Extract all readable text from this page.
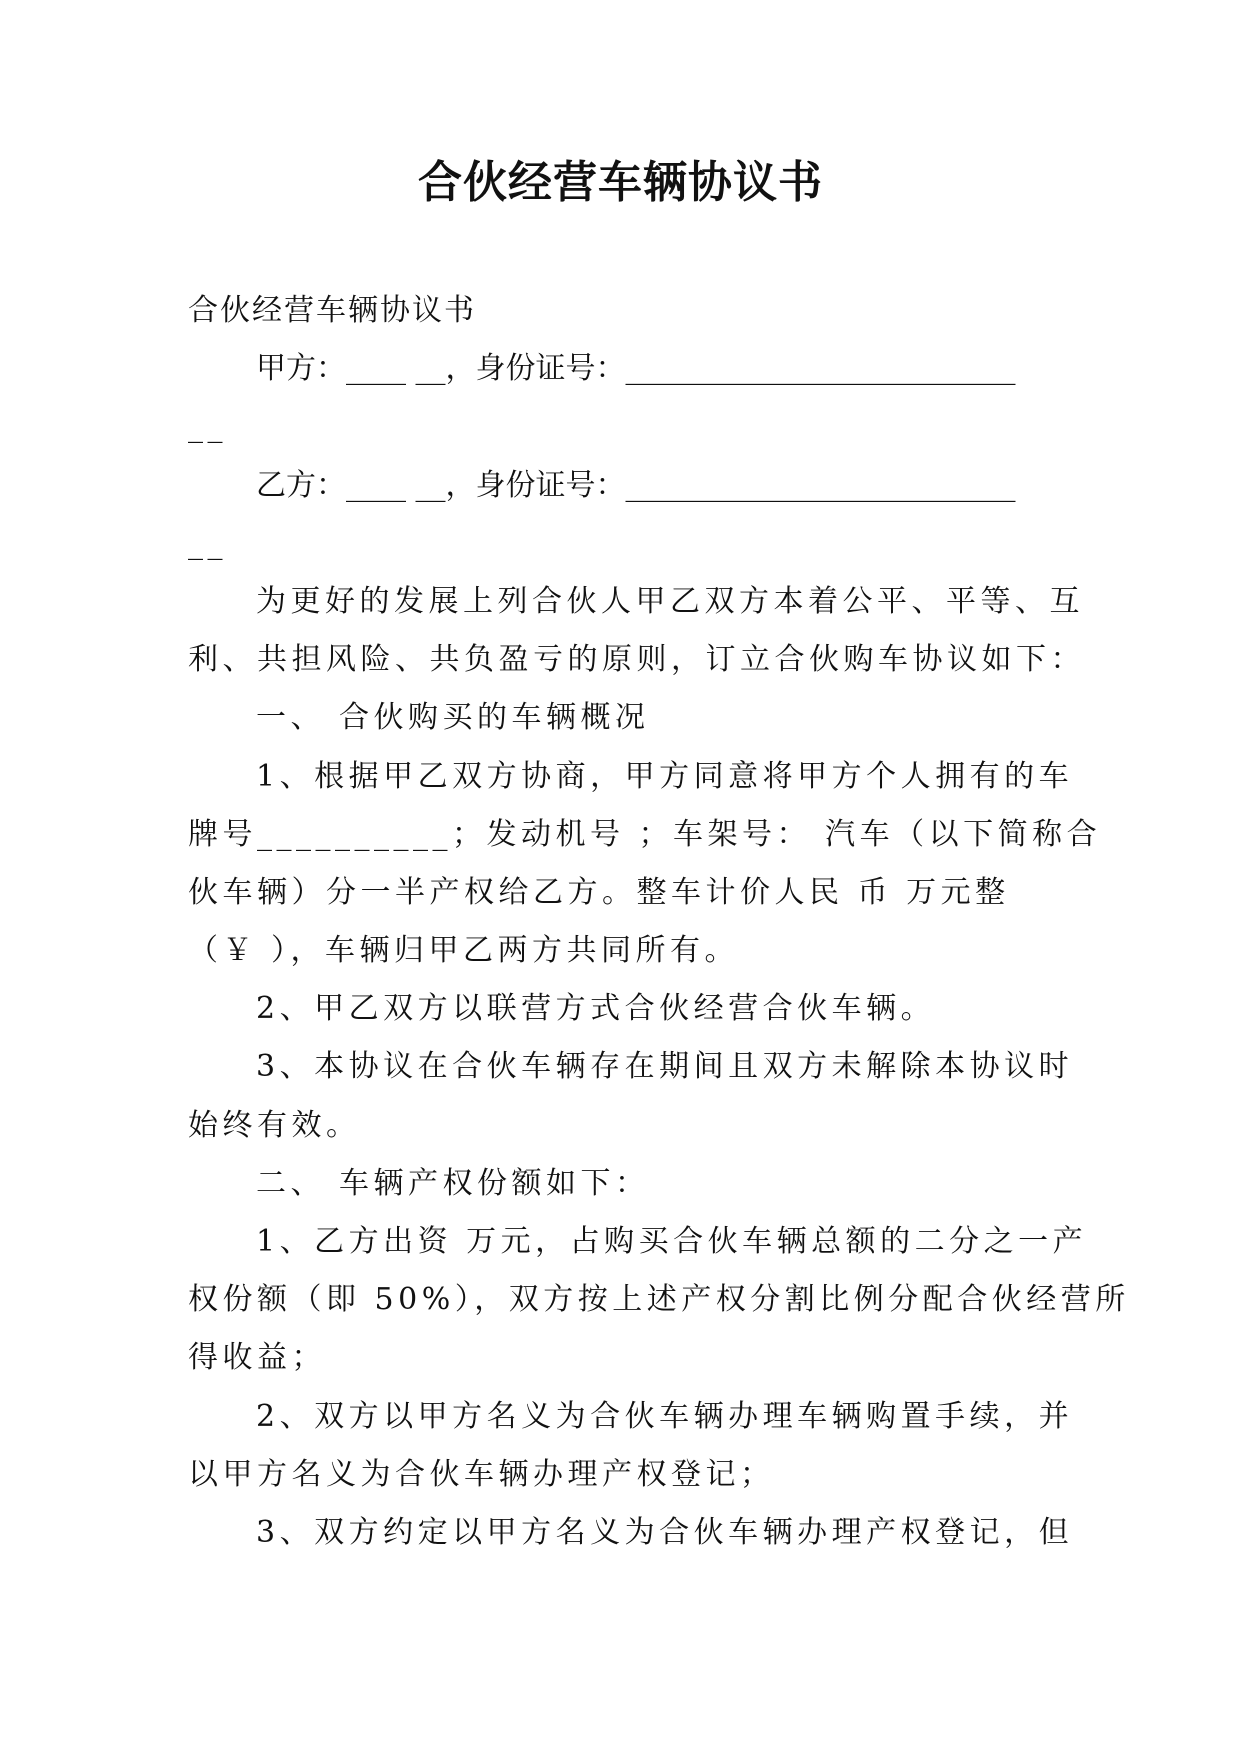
合伙经营车辆协议书
合伙经营车辆协议书
甲方：____ __，身份证号：__________________________
__
乙方：____ __，身份证号：__________________________
__
为更好的发展上列合伙人甲乙双方本着公平、平等、互
利、共担风险、共负盈亏的原则，订立合伙购车协议如下：
一、 合伙购买的车辆概况
1、根据甲乙双方协商，甲方同意将甲方个人拥有的车
牌号__________；发动机号 ；车架号： 汽车（以下简称合
伙车辆）分一半产权给乙方。整车计价人民 币 万元整
（￥ ），车辆归甲乙两方共同所有。
2、甲乙双方以联营方式合伙经营合伙车辆。
3、本协议在合伙车辆存在期间且双方未解除本协议时
始终有效。
二、 车辆产权份额如下：
1、乙方出资 万元，占购买合伙车辆总额的二分之一产
权份额（即 50%），双方按上述产权分割比例分配合伙经营所
得收益；
2、双方以甲方名义为合伙车辆办理车辆购置手续，并
以甲方名义为合伙车辆办理产权登记；
3、双方约定以甲方名义为合伙车辆办理产权登记，但
